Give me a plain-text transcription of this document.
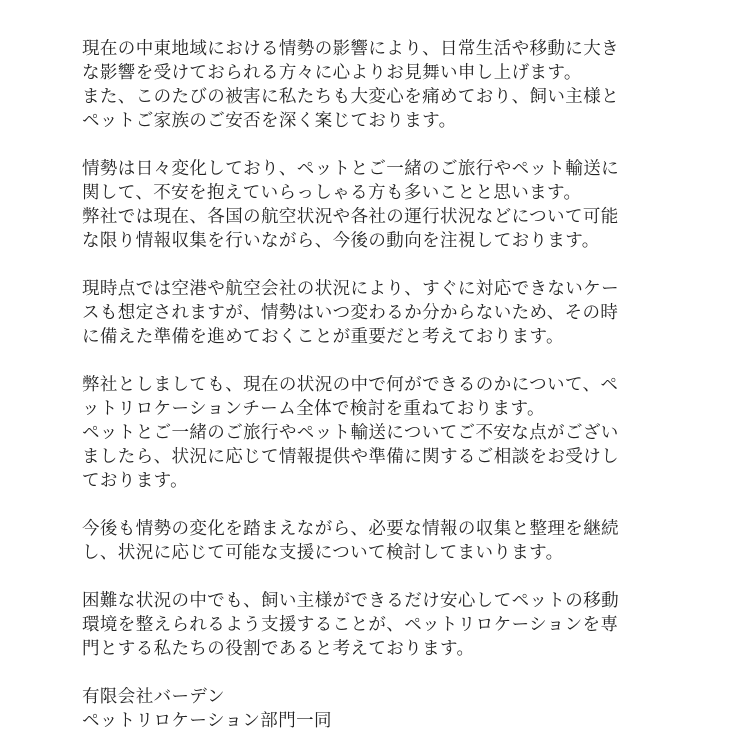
現在の中東地域における情勢の影響により、日常生活や移動に大き
な影響を受けておられる方々に心よりお見舞い申し上げます。
また、このたびの被害に私たちも大変心を痛めており、飼い主様と
ペットご家族のご安否を深く案じております。
情勢は日々変化しており、ペットとご一緒のご旅行やペット輸送に
関して、不安を抱えていらっしゃる方も多いことと思います。
弊社では現在、各国の航空状況や各社の運行状況などについて可能
な限り情報収集を行いながら、今後の動向を注視しております。
現時点では空港や航空会社の状況により、すぐに対応できないケー
スも想定されますが、情勢はいつ変わるか分からないため、その時
に備えた準備を進めておくことが重要だと考えております。
弊社としましても、現在の状況の中で何ができるのかについて、ペ
ットリロケーションチーム全体で検討を重ねております。
ペットとご一緒のご旅行やペット輸送についてご不安な点がござい
ましたら、状況に応じて情報提供や準備に関するご相談をお受けし
ております。
今後も情勢の変化を踏まえながら、必要な情報の収集と整理を継続
し、状況に応じて可能な支援について検討してまいります。
困難な状況の中でも、飼い主様ができるだけ安心してペットの移動
環境を整えられるよう支援することが、ペットリロケーションを専
門とする私たちの役割であると考えております。
有限会社バーデン
ペットリロケーション部門一同
